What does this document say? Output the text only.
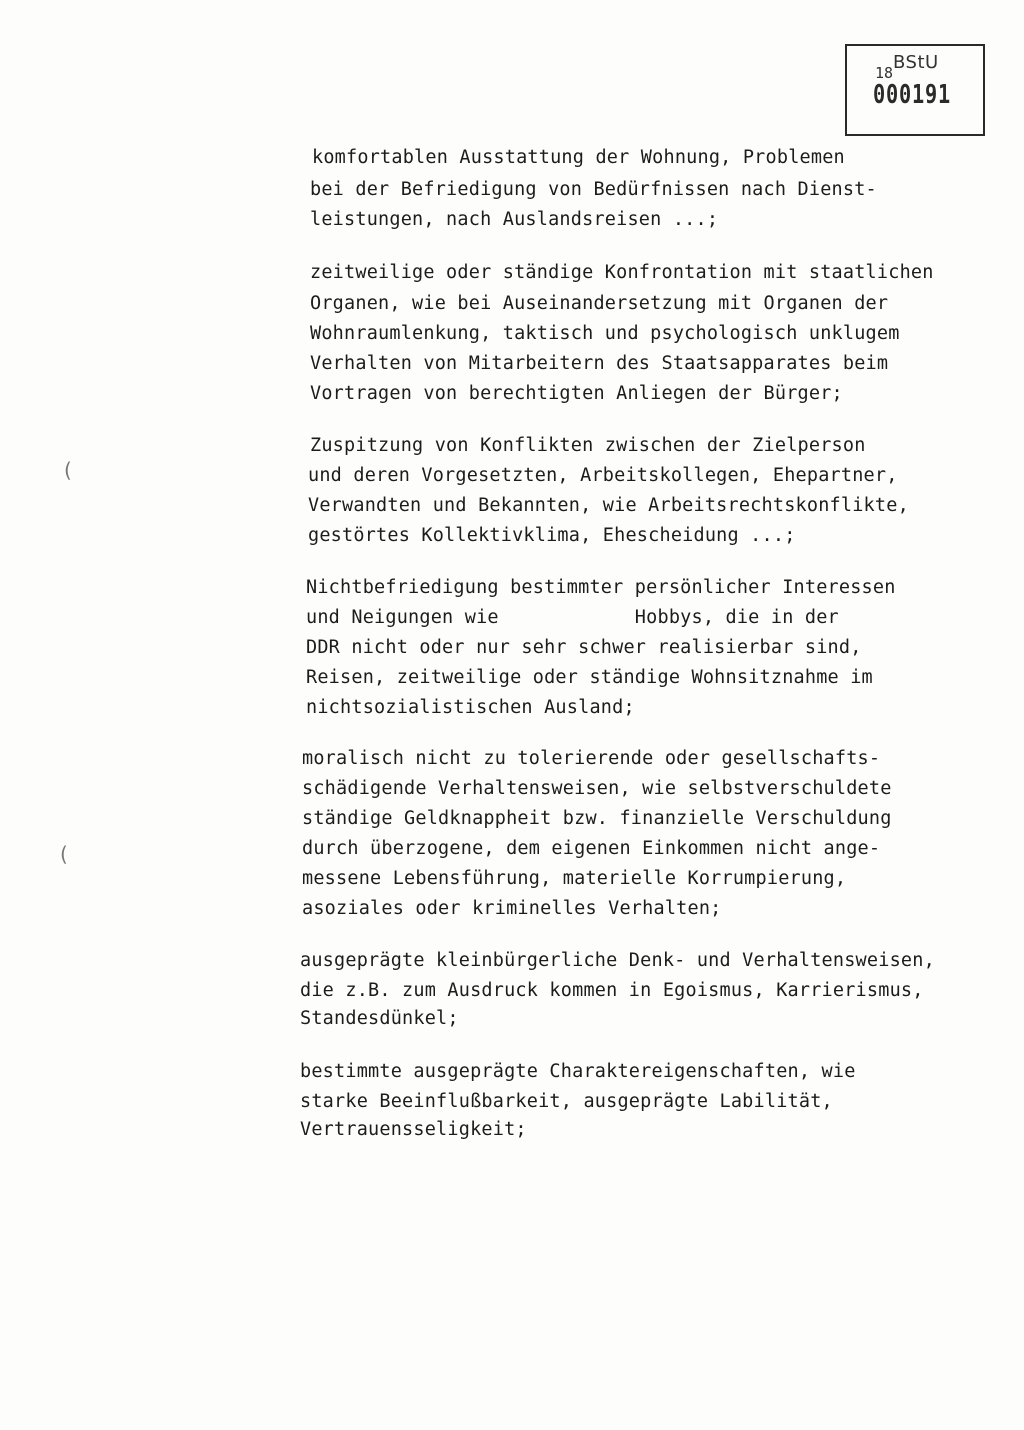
BStU
18
000191
(
(
komfortablen Ausstattung der Wohnung, Problemen
bei der Befriedigung von Bedürfnissen nach Dienst-
leistungen, nach Auslandsreisen ...;
zeitweilige oder ständige Konfrontation mit staatlichen
Organen, wie bei Auseinandersetzung mit Organen der
Wohnraumlenkung, taktisch und psychologisch unklugem
Verhalten von Mitarbeitern des Staatsapparates beim
Vortragen von berechtigten Anliegen der Bürger;
Zuspitzung von Konflikten zwischen der Zielperson
und deren Vorgesetzten, Arbeitskollegen, Ehepartner,
Verwandten und Bekannten, wie Arbeitsrechtskonflikte,
gestörtes Kollektivklima, Ehescheidung ...;
Nichtbefriedigung bestimmter persönlicher Interessen
und Neigungen wie            Hobbys, die in der
DDR nicht oder nur sehr schwer realisierbar sind,
Reisen, zeitweilige oder ständige Wohnsitznahme im
nichtsozialistischen Ausland;
moralisch nicht zu tolerierende oder gesellschafts-
schädigende Verhaltensweisen, wie selbstverschuldete
ständige Geldknappheit bzw. finanzielle Verschuldung
durch überzogene, dem eigenen Einkommen nicht ange-
messene Lebensführung, materielle Korrumpierung,
asoziales oder kriminelles Verhalten;
ausgeprägte kleinbürgerliche Denk- und Verhaltensweisen,
die z.B. zum Ausdruck kommen in Egoismus, Karrierismus,
Standesdünkel;
bestimmte ausgeprägte Charaktereigenschaften, wie
starke Beeinflußbarkeit, ausgeprägte Labilität,
Vertrauensseligkeit;
